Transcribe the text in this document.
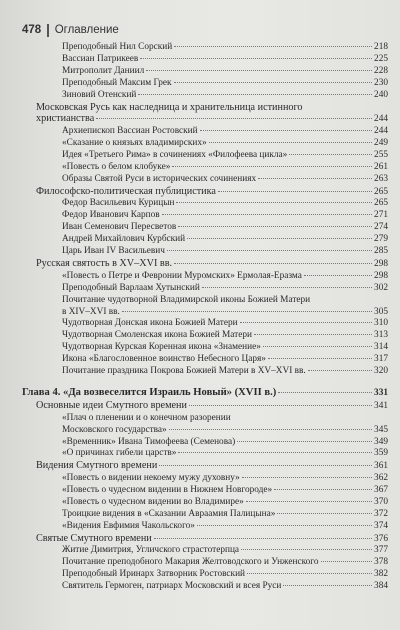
478 Оглавление
Преподобный Нил Сорский	218
Вассиан Патрикеев	225
Митрополит Даниил	228
Преподобный Максим Грек	230
Зиновий Отенский	240
Московская Русь как наследница и хранительница истинного
христианства	244
Архиепископ Вассиан Ростовский	244
«Сказание о князьях владимирских»	249
Идея «Третьего Рима» в сочинениях «Филофеева цикла»	255
«Повесть о белом клобуке»	261
Образы Святой Руси в исторических сочинениях	263
Философско-политическая публицистика	265
Федор Васильевич Курицын	265
Федор Иванович Карпов	271
Иван Семенович Пересветов	274
Андрей Михайлович Курбский	279
Царь Иван IV Васильевич	285
Русская святость в XV–XVI вв.	298
«Повесть о Петре и Февронии Муромских» Ермолая-Еразма	298
Преподобный Варлаам Хутынский	302
Почитание чудотворной Владимирской иконы Божией Матери
в XIV–XVI вв.	305
Чудотворная Донская икона Божией Матери	310
Чудотворная Смоленская икона Божией Матери	313
Чудотворная Курская Коренная икона «Знамение»	314
Икона «Благословенное воинство Небесного Царя»	317
Почитание праздника Покрова Божией Матери в XV–XVI вв.	320
Глава 4. «Да возвеселится Израиль Новый» (XVII в.)	331
Основные идеи Смутного времени	341
«Плач о пленении и о конечном разорении
Московского государства»	345
«Временник» Ивана Тимофеева (Семенова)	349
«О причинах гибели царств»	359
Видения Смутного времени	361
«Повесть о видении некоему мужу духовну»	362
«Повесть о чудесном видении в Нижнем Новгороде»	367
«Повесть о чудесном видении во Владимире»	370
Троицкие видения в «Сказании Авраамия Палицына»	372
«Видения Евфимия Чакольского»	374
Святые Смутного времени	376
Житие Димитрия, Угличского страстотерпца	377
Почитание преподобного Макария Желтоводского и Унженского	378
Преподобный Иринарх Затворник Ростовский	382
Святитель Гермоген, патриарх Московский и всея Руси	384
